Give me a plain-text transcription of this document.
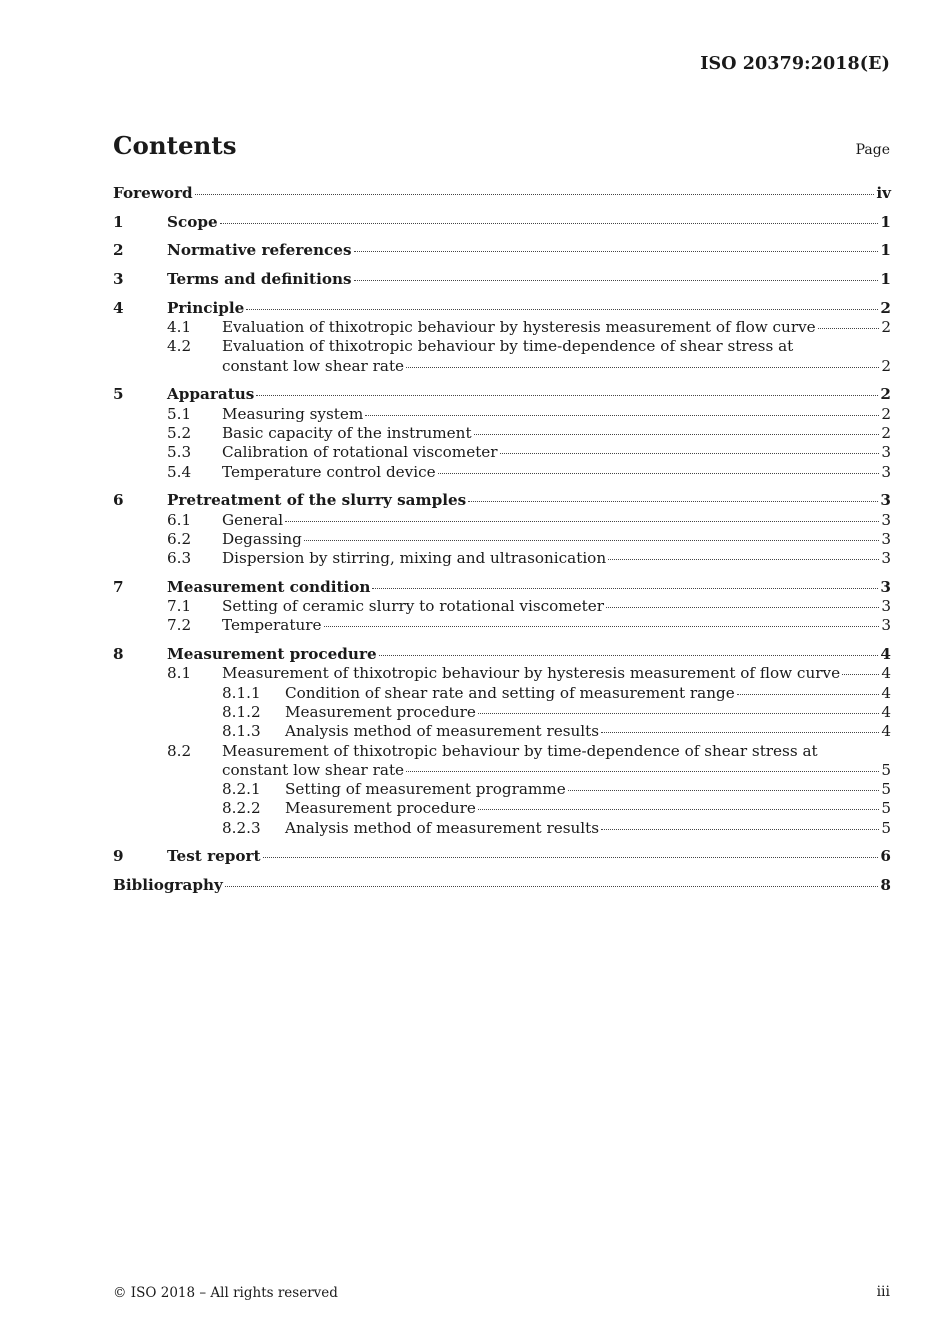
ISO 20379:2018(E)
Contents	Page
Foreword	iv
1	Scope	1
2	Normative references	1
3	Terms and definitions	1
4	Principle	2
4.1 Evaluation of thixotropic behaviour by hysteresis measurement of flow curve	2
4.2 Evaluation of thixotropic behaviour by time-dependence of shear stress at
constant low shear rate	2
5	Apparatus	2
5.1 Measuring system	2
5.2 Basic capacity of the instrument	2
5.3 Calibration of rotational viscometer	3
5.4 Temperature control device	3
6	Pretreatment of the slurry samples	3
6.1 General	3
6.2 Degassing	3
6.3 Dispersion by stirring, mixing and ultrasonication	3
7	Measurement condition	3
7.1 Setting of ceramic slurry to rotational viscometer	3
7.2 Temperature	3
8	Measurement procedure	4
8.1 Measurement of thixotropic behaviour by hysteresis measurement of flow curve	4
8.1.1 Condition of shear rate and setting of measurement range	4
8.1.2 Measurement procedure	4
8.1.3 Analysis method of measurement results	4
8.2 Measurement of thixotropic behaviour by time-dependence of shear stress at
constant low shear rate	5
8.2.1 Setting of measurement programme	5
8.2.2 Measurement procedure	5
8.2.3 Analysis method of measurement results	5
9	Test report	6
Bibliography	8
© ISO 2018 – All rights reserved	iii
